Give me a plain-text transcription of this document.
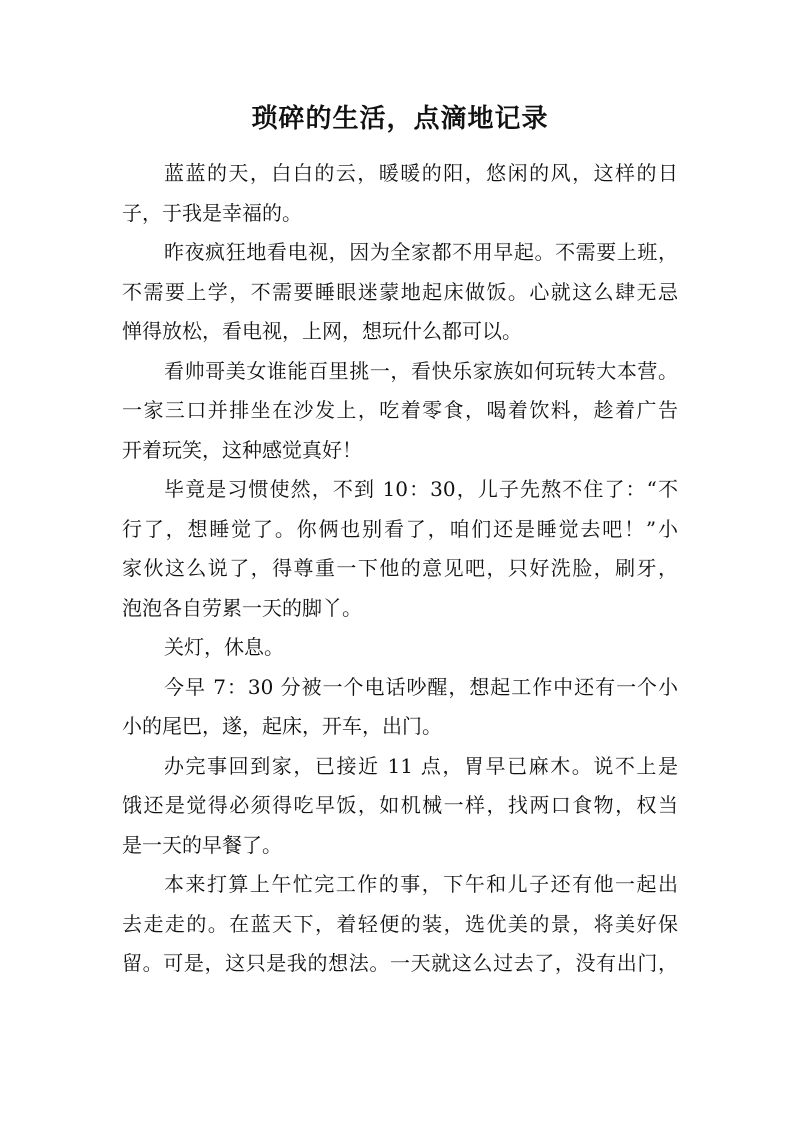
琐碎的生活，点滴地记录
蓝蓝的天，白白的云，暖暖的阳，悠闲的风，这样的日
子，于我是幸福的。
昨夜疯狂地看电视，因为全家都不用早起。不需要上班，
不需要上学，不需要睡眼迷蒙地起床做饭。心就这么肆无忌
惮得放松，看电视，上网，想玩什么都可以。
看帅哥美女谁能百里挑一，看快乐家族如何玩转大本营。
一家三口并排坐在沙发上，吃着零食，喝着饮料，趁着广告
开着玩笑，这种感觉真好！
毕竟是习惯使然，不到 10：30，儿子先熬不住了：“不
行了，想睡觉了。你俩也别看了，咱们还是睡觉去吧！”小
家伙这么说了，得尊重一下他的意见吧，只好洗脸，刷牙，
泡泡各自劳累一天的脚丫。
关灯，休息。
今早 7：30 分被一个电话吵醒，想起工作中还有一个小
小的尾巴，遂，起床，开车，出门。
办完事回到家，已接近 11 点，胃早已麻木。说不上是
饿还是觉得必须得吃早饭，如机械一样，找两口食物，权当
是一天的早餐了。
本来打算上午忙完工作的事，下午和儿子还有他一起出
去走走的。在蓝天下，着轻便的装，选优美的景，将美好保
留。可是，这只是我的想法。一天就这么过去了，没有出门，
